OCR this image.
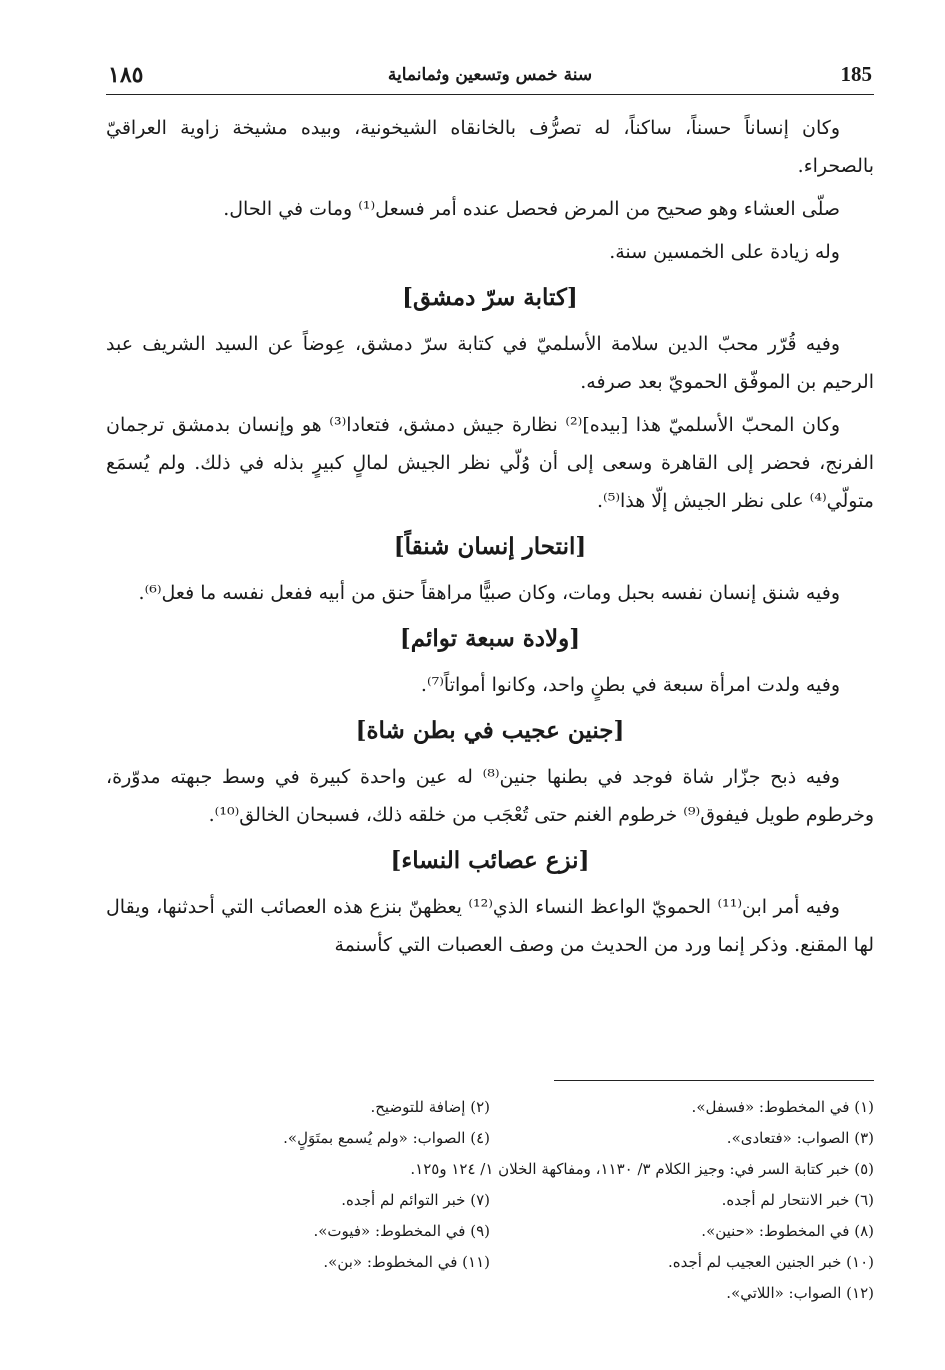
١٨٥	سنة خمس وتسعين وثمانماية	185

وكان إنساناً حسناً، ساكناً، له تصرُّف بالخانقاه الشيخونية، وبيده مشيخة زاوية العراقيّ بالصحراء.

صلّى العشاء وهو صحيح من المرض فحصل عنده أمر فسعل⁽¹⁾ ومات في الحال.

وله زيادة على الخمسين سنة.

[كتابة سرّ دمشق]

وفيه قُرّر محبّ الدين سلامة الأسلميّ في كتابة سرّ دمشق، عِوضاً عن السيد الشريف عبد الرحيم بن الموفّق الحمويّ بعد صرفه.

وكان المحبّ الأسلميّ هذا [بيده]⁽²⁾ نظارة جيش دمشق، فتعادا⁽³⁾ هو وإنسان بدمشق ترجمان الفرنج، فحضر إلى القاهرة وسعى إلى أن وُلّي نظر الجيش لمالٍ كبيرٍ بذله في ذلك. ولم يُسمَع متولّي⁽⁴⁾ على نظر الجيش إلّا هذا⁽⁵⁾.

[انتحار إنسان شنقاً]

وفيه شنق إنسان نفسه بحبل ومات، وكان صبيًّا مراهقاً حنق من أبيه ففعل نفسه ما فعل⁽⁶⁾.

[ولادة سبعة توائم]

وفيه ولدت امرأة سبعة في بطنٍ واحد، وكانوا أمواتاً⁽⁷⁾.

[جنين عجيب في بطن شاة]

وفيه ذبح جزّار شاة فوجد في بطنها جنين⁽⁸⁾ له عين واحدة كبيرة في وسط جبهته مدوّرة، وخرطوم طويل فيفوق⁽⁹⁾ خرطوم الغنم حتى تُعْجَب من خلقه ذلك، فسبحان الخالق⁽¹⁰⁾.

[نزع عصائب النساء]

وفيه أمر ابن⁽¹¹⁾ الحمويّ الواعظ النساء الذي⁽¹²⁾ يعظهنّ بنزع هذه العصائب التي أحدثنها، ويقال لها المقنع. وذكر إنما ورد من الحديث من وصف العصبات التي كأسنمة

(١) في المخطوط: «فسفل».
(٢) إضافة للتوضيح.
(٣) الصواب: «فتعادى».
(٤) الصواب: «ولم يُسمع بمتَوَلٍ».
(٥) خبر كتابة السر في: وجيز الكلام ٣/ ١١٣٠، ومفاكهة الخلان ١/ ١٢٤ و١٢٥.
(٦) خبر الانتحار لم أجده.
(٧) خبر التوائم لم أجده.
(٨) في المخطوط: «حنين».
(٩) في المخطوط: «فيوت».
(١٠) خبر الجنين العجيب لم أجده.
(١١) في المخطوط: «بن».
(١٢) الصواب: «اللاتي».
